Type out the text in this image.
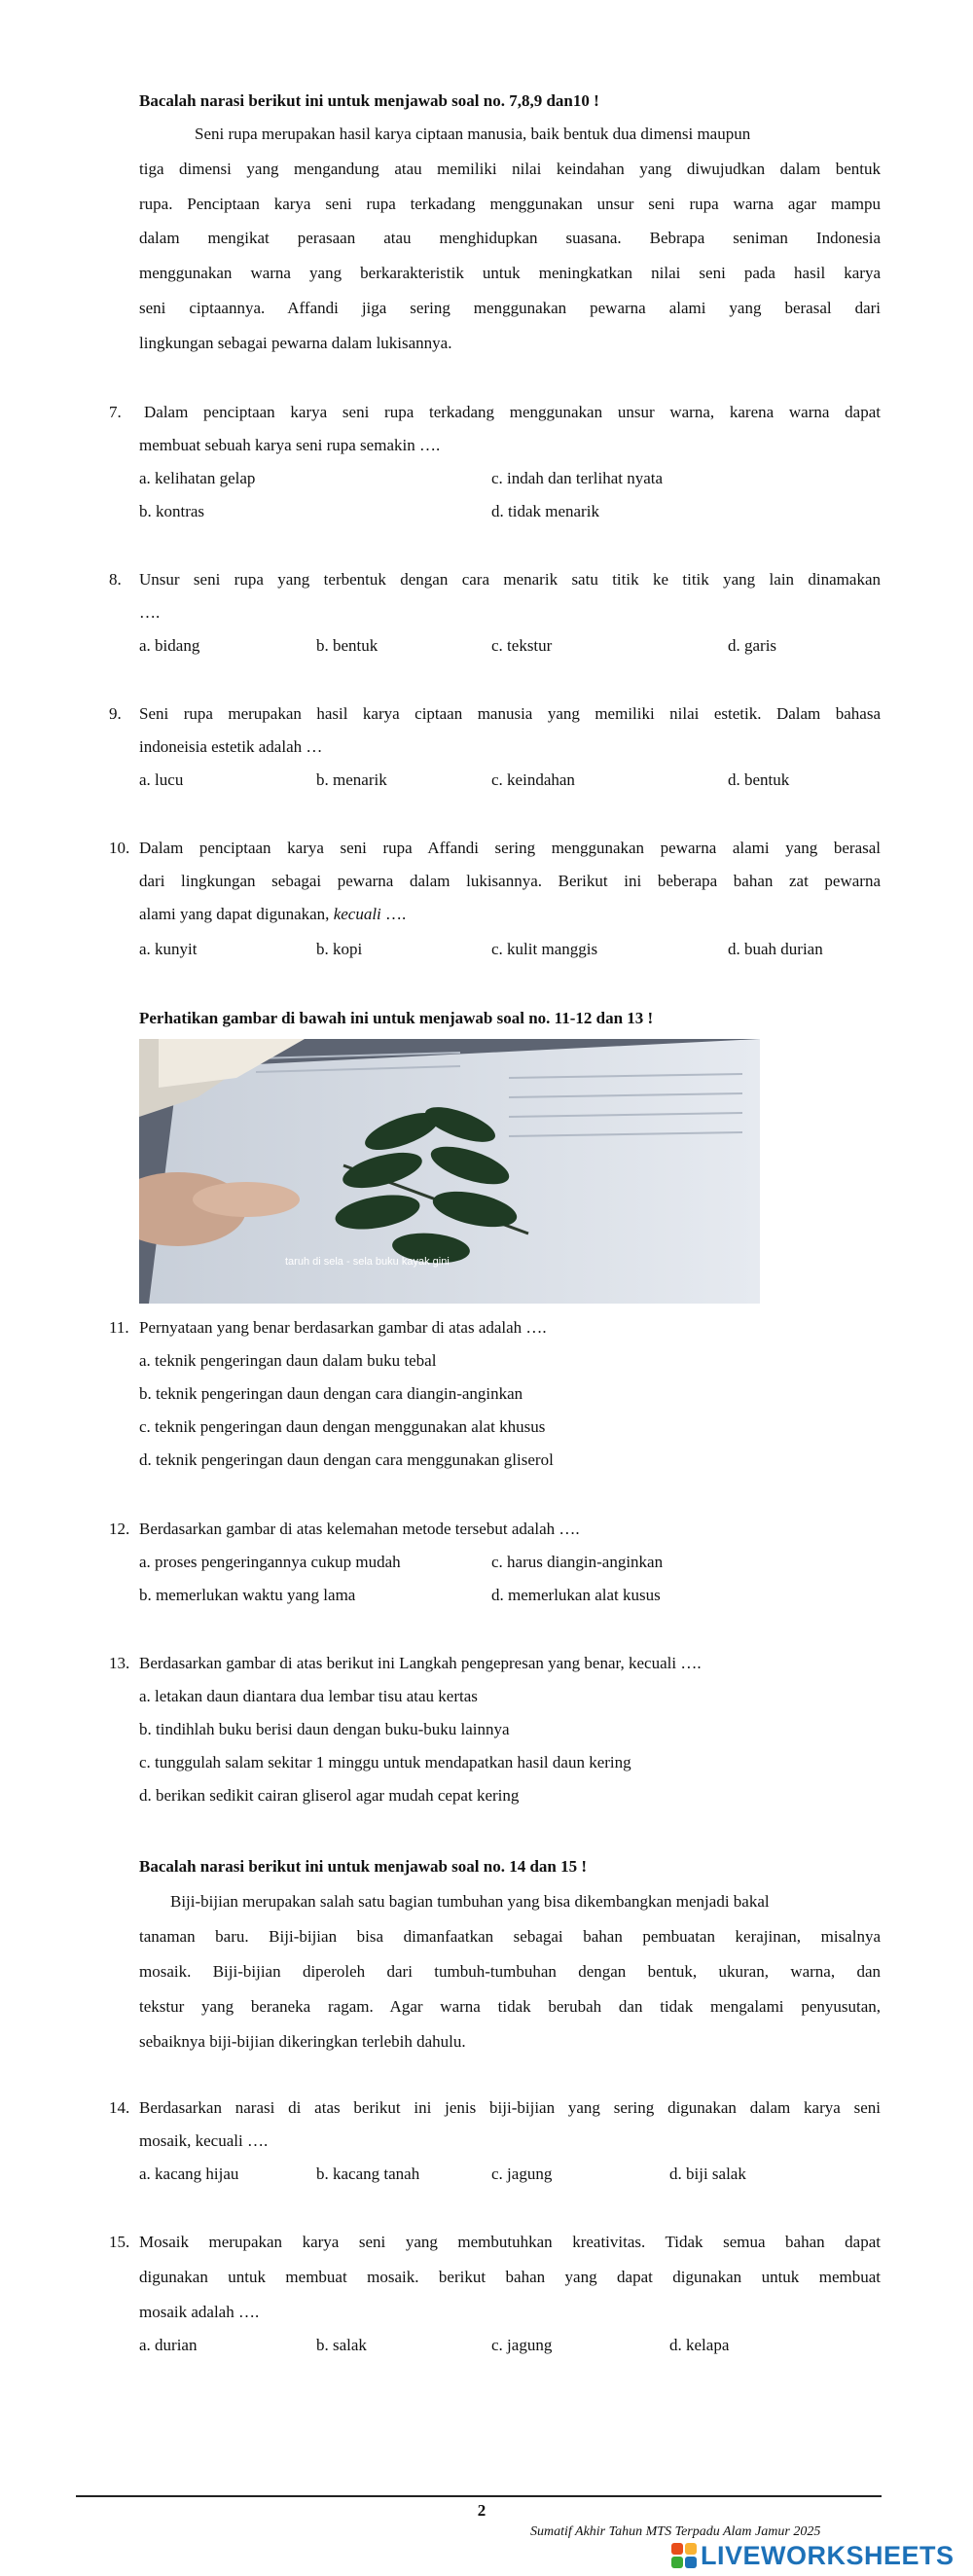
Bacalah narasi berikut ini untuk menjawab soal no. 7,8,9 dan10 !
Seni rupa merupakan hasil karya ciptaan manusia, baik bentuk dua dimensi maupun
tiga dimensi yang mengandung atau memiliki nilai keindahan yang diwujudkan dalam bentuk
rupa. Penciptaan karya seni rupa terkadang menggunakan unsur seni rupa warna agar mampu
dalam mengikat perasaan atau menghidupkan suasana. Bebrapa seniman Indonesia
menggunakan warna yang berkarakteristik untuk meningkatkan nilai seni pada hasil karya
seni ciptaannya. Affandi jiga sering menggunakan pewarna alami yang berasal dari
lingkungan sebagai pewarna dalam lukisannya.
7. Dalam penciptaan karya seni rupa terkadang menggunakan unsur warna, karena warna dapat
membuat sebuah karya seni rupa semakin ….
a. kelihatan gelap	c. indah dan terlihat nyata
b. kontras	d. tidak menarik
8. Unsur seni rupa yang terbentuk dengan cara menarik satu titik ke titik yang lain dinamakan
….
a. bidang	b. bentuk	c. tekstur	d. garis
9. Seni rupa merupakan hasil karya ciptaan manusia yang memiliki nilai estetik. Dalam bahasa
indoneisia estetik adalah …
a. lucu	b. menarik	c. keindahan	d. bentuk
10. Dalam penciptaan karya seni rupa Affandi sering menggunakan pewarna alami yang berasal
dari lingkungan sebagai pewarna dalam lukisannya. Berikut ini beberapa bahan zat pewarna
alami yang dapat digunakan, kecuali ….
a. kunyit	b. kopi	c. kulit manggis	d. buah durian
Perhatikan gambar di bawah ini untuk menjawab soal no. 11-12 dan 13 !
taruh di sela - sela buku kayak gini
11. Pernyataan yang benar berdasarkan gambar di atas adalah ….
a. teknik pengeringan daun dalam buku tebal
b. teknik pengeringan daun dengan cara diangin-anginkan
c. teknik pengeringan daun dengan menggunakan alat khusus
d. teknik pengeringan daun dengan cara menggunakan gliserol
12. Berdasarkan gambar di atas kelemahan metode tersebut adalah ….
a. proses pengeringannya cukup mudah	c. harus diangin-anginkan
b. memerlukan waktu yang lama	d. memerlukan alat kusus
13. Berdasarkan gambar di atas berikut ini Langkah pengepresan yang benar, kecuali ….
a. letakan daun diantara dua lembar tisu atau kertas
b. tindihlah buku berisi daun dengan buku-buku lainnya
c. tunggulah salam sekitar 1 minggu untuk mendapatkan hasil daun kering
d. berikan sedikit cairan gliserol agar mudah cepat kering
Bacalah narasi berikut ini untuk menjawab soal no. 14 dan 15 !
Biji-bijian merupakan salah satu bagian tumbuhan yang bisa dikembangkan menjadi bakal
tanaman baru. Biji-bijian bisa dimanfaatkan sebagai bahan pembuatan kerajinan, misalnya
mosaik. Biji-bijian diperoleh dari tumbuh-tumbuhan dengan bentuk, ukuran, warna, dan
tekstur yang beraneka ragam. Agar warna tidak berubah dan tidak mengalami penyusutan,
sebaiknya biji-bijian dikeringkan terlebih dahulu.
14. Berdasarkan narasi di atas berikut ini jenis biji-bijian yang sering digunakan dalam karya seni
mosaik, kecuali ….
a. kacang hijau	b. kacang tanah	c. jagung	d. biji salak
15. Mosaik merupakan karya seni yang membutuhkan kreativitas. Tidak semua bahan dapat
digunakan untuk membuat mosaik. berikut bahan yang dapat digunakan untuk membuat
mosaik adalah ….
a. durian	b. salak	c. jagung	d. kelapa
2
Sumatif Akhir Tahun MTS Terpadu Alam Jamur 2025
LIVEWORKSHEETS
